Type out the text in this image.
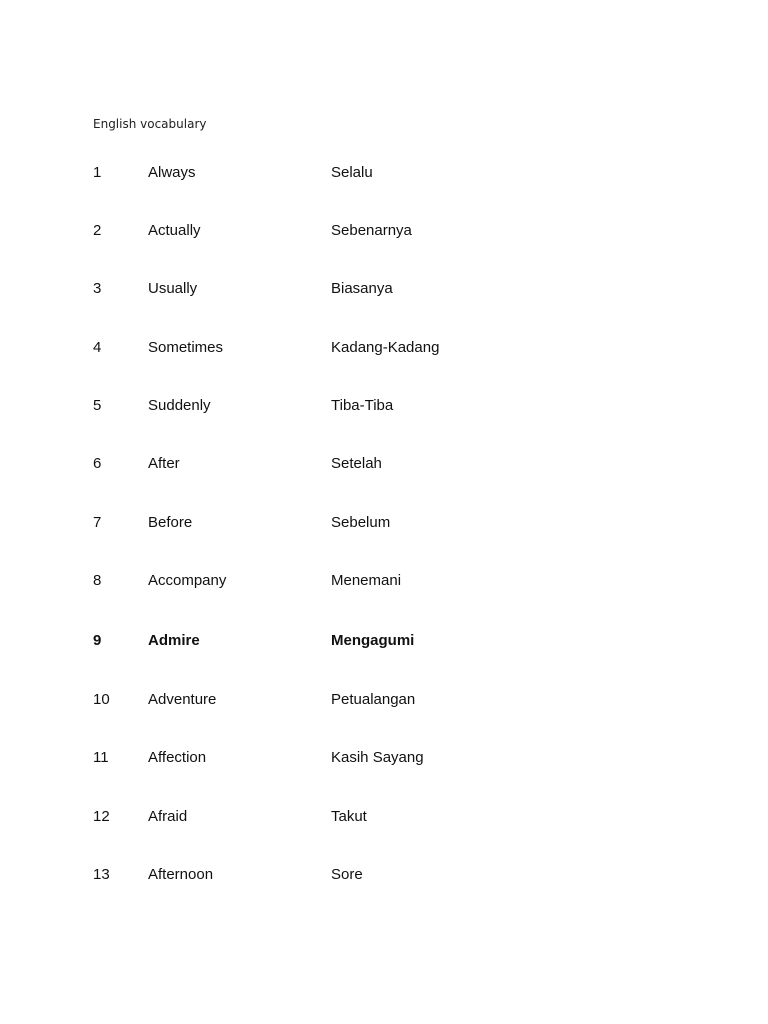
English vocabulary
1	Always	Selalu
2	Actually	Sebenarnya
3	Usually	Biasanya
4	Sometimes	Kadang-Kadang
5	Suddenly	Tiba-Tiba
6	After	Setelah
7	Before	Sebelum
8	Accompany	Menemani
9	Admire	Mengagumi
10	Adventure	Petualangan
11	Affection	Kasih Sayang
12	Afraid	Takut
13	Afternoon	Sore
